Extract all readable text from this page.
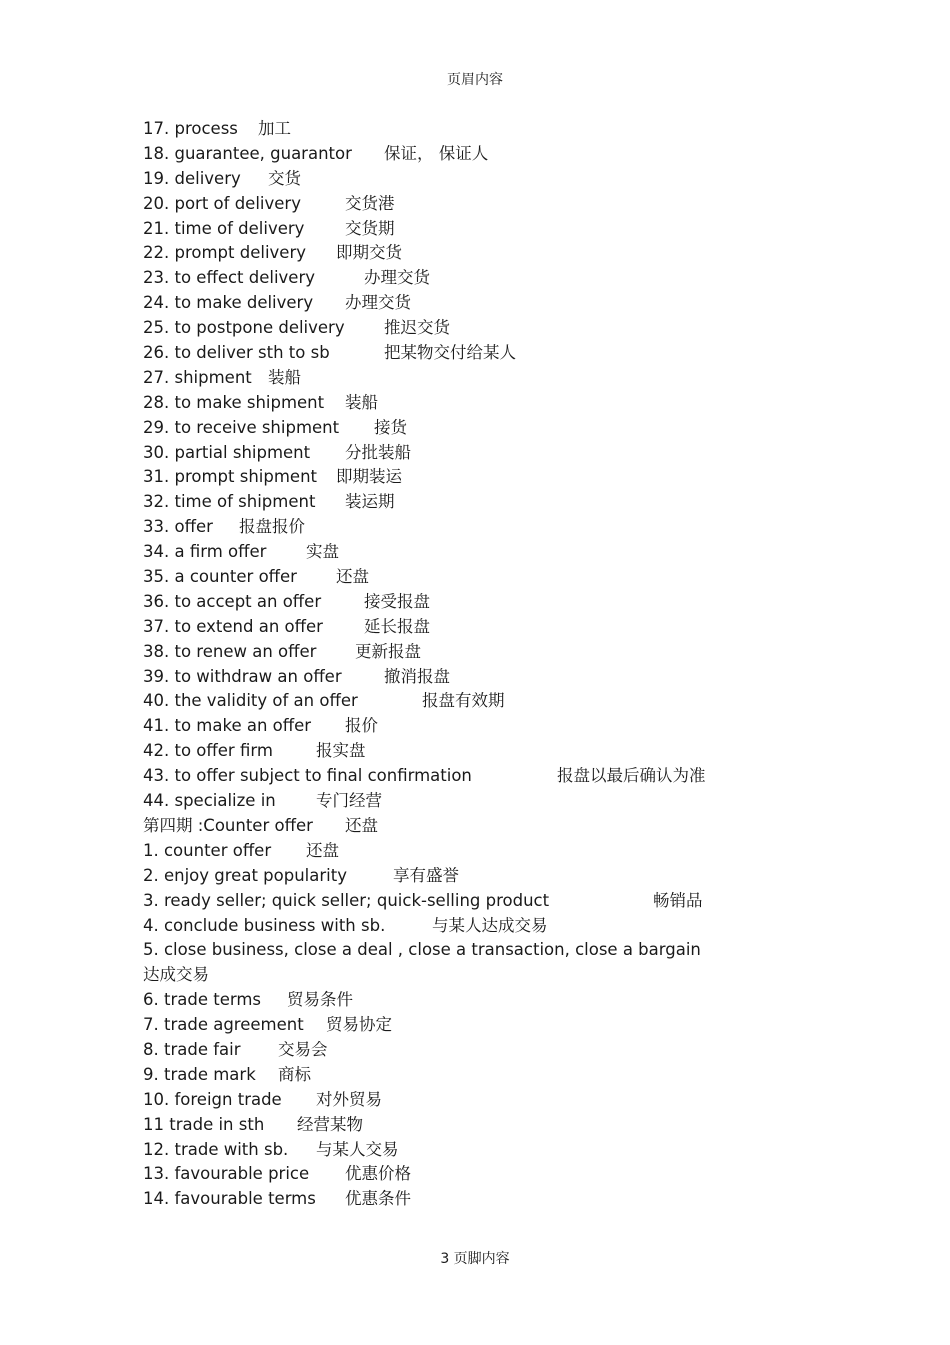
页眉内容
17. process 加工
18. guarantee, guarantor 保证， 保证人
19. delivery 交货
20. port of delivery	交货港
21. time of delivery 交货期
22. prompt delivery 即期交货
23. to effect delivery	办理交货
24. to make delivery 办理交货
25. to postpone delivery 推迟交货
26. to deliver sth to sb	把某物交付给某人
27. shipment 装船
28. to make shipment 装船
29. to receive shipment 接货
30. partial shipment 分批装船
31. prompt shipment 即期装运
32. time of shipment 装运期
33. offer 报盘报价
34. a firm offer 实盘
35. a counter offer 还盘
36. to accept an offer	接受报盘
37. to extend an offer 延长报盘
38. to renew an offer 更新报盘
39. to withdraw an offer	撤消报盘
40. the validity of an offer	报盘有效期
41. to make an offer 报价
42. to offer firm	报实盘
43. to offer subject to final confirmation	报盘以最后确认为准
44. specialize in 专门经营
第四期 :Counter offer 还盘
1. counter offer 还盘
2. enjoy great popularity	享有盛誉
3. ready seller; quick seller; quick-selling product	畅销品
4. conclude business with sb.	与某人达成交易
5. close business, close a deal , close a transaction, close a bargain
达成交易
6. trade terms 贸易条件
7. trade agreement 贸易协定
8. trade fair 交易会
9. trade mark 商标
10. foreign trade 对外贸易
11 trade in sth 经营某物
12. trade with sb. 与某人交易
13. favourable price 优惠价格
14. favourable terms 优惠条件
3 页脚内容
